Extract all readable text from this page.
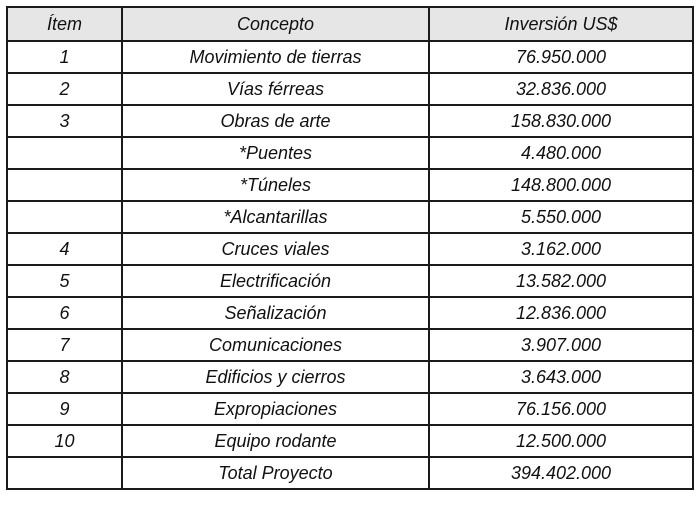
Ítem	Concepto	Inversión US$
1	Movimiento de tierras	76.950.000
2	Vías férreas	32.836.000
3	Obras de arte	158.830.000
	*Puentes	4.480.000
	*Túneles	148.800.000
	*Alcantarillas	5.550.000
4	Cruces viales	3.162.000
5	Electrificación	13.582.000
6	Señalización	12.836.000
7	Comunicaciones	3.907.000
8	Edificios y cierros	3.643.000
9	Expropiaciones	76.156.000
10	Equipo rodante	12.500.000
	Total Proyecto	394.402.000
